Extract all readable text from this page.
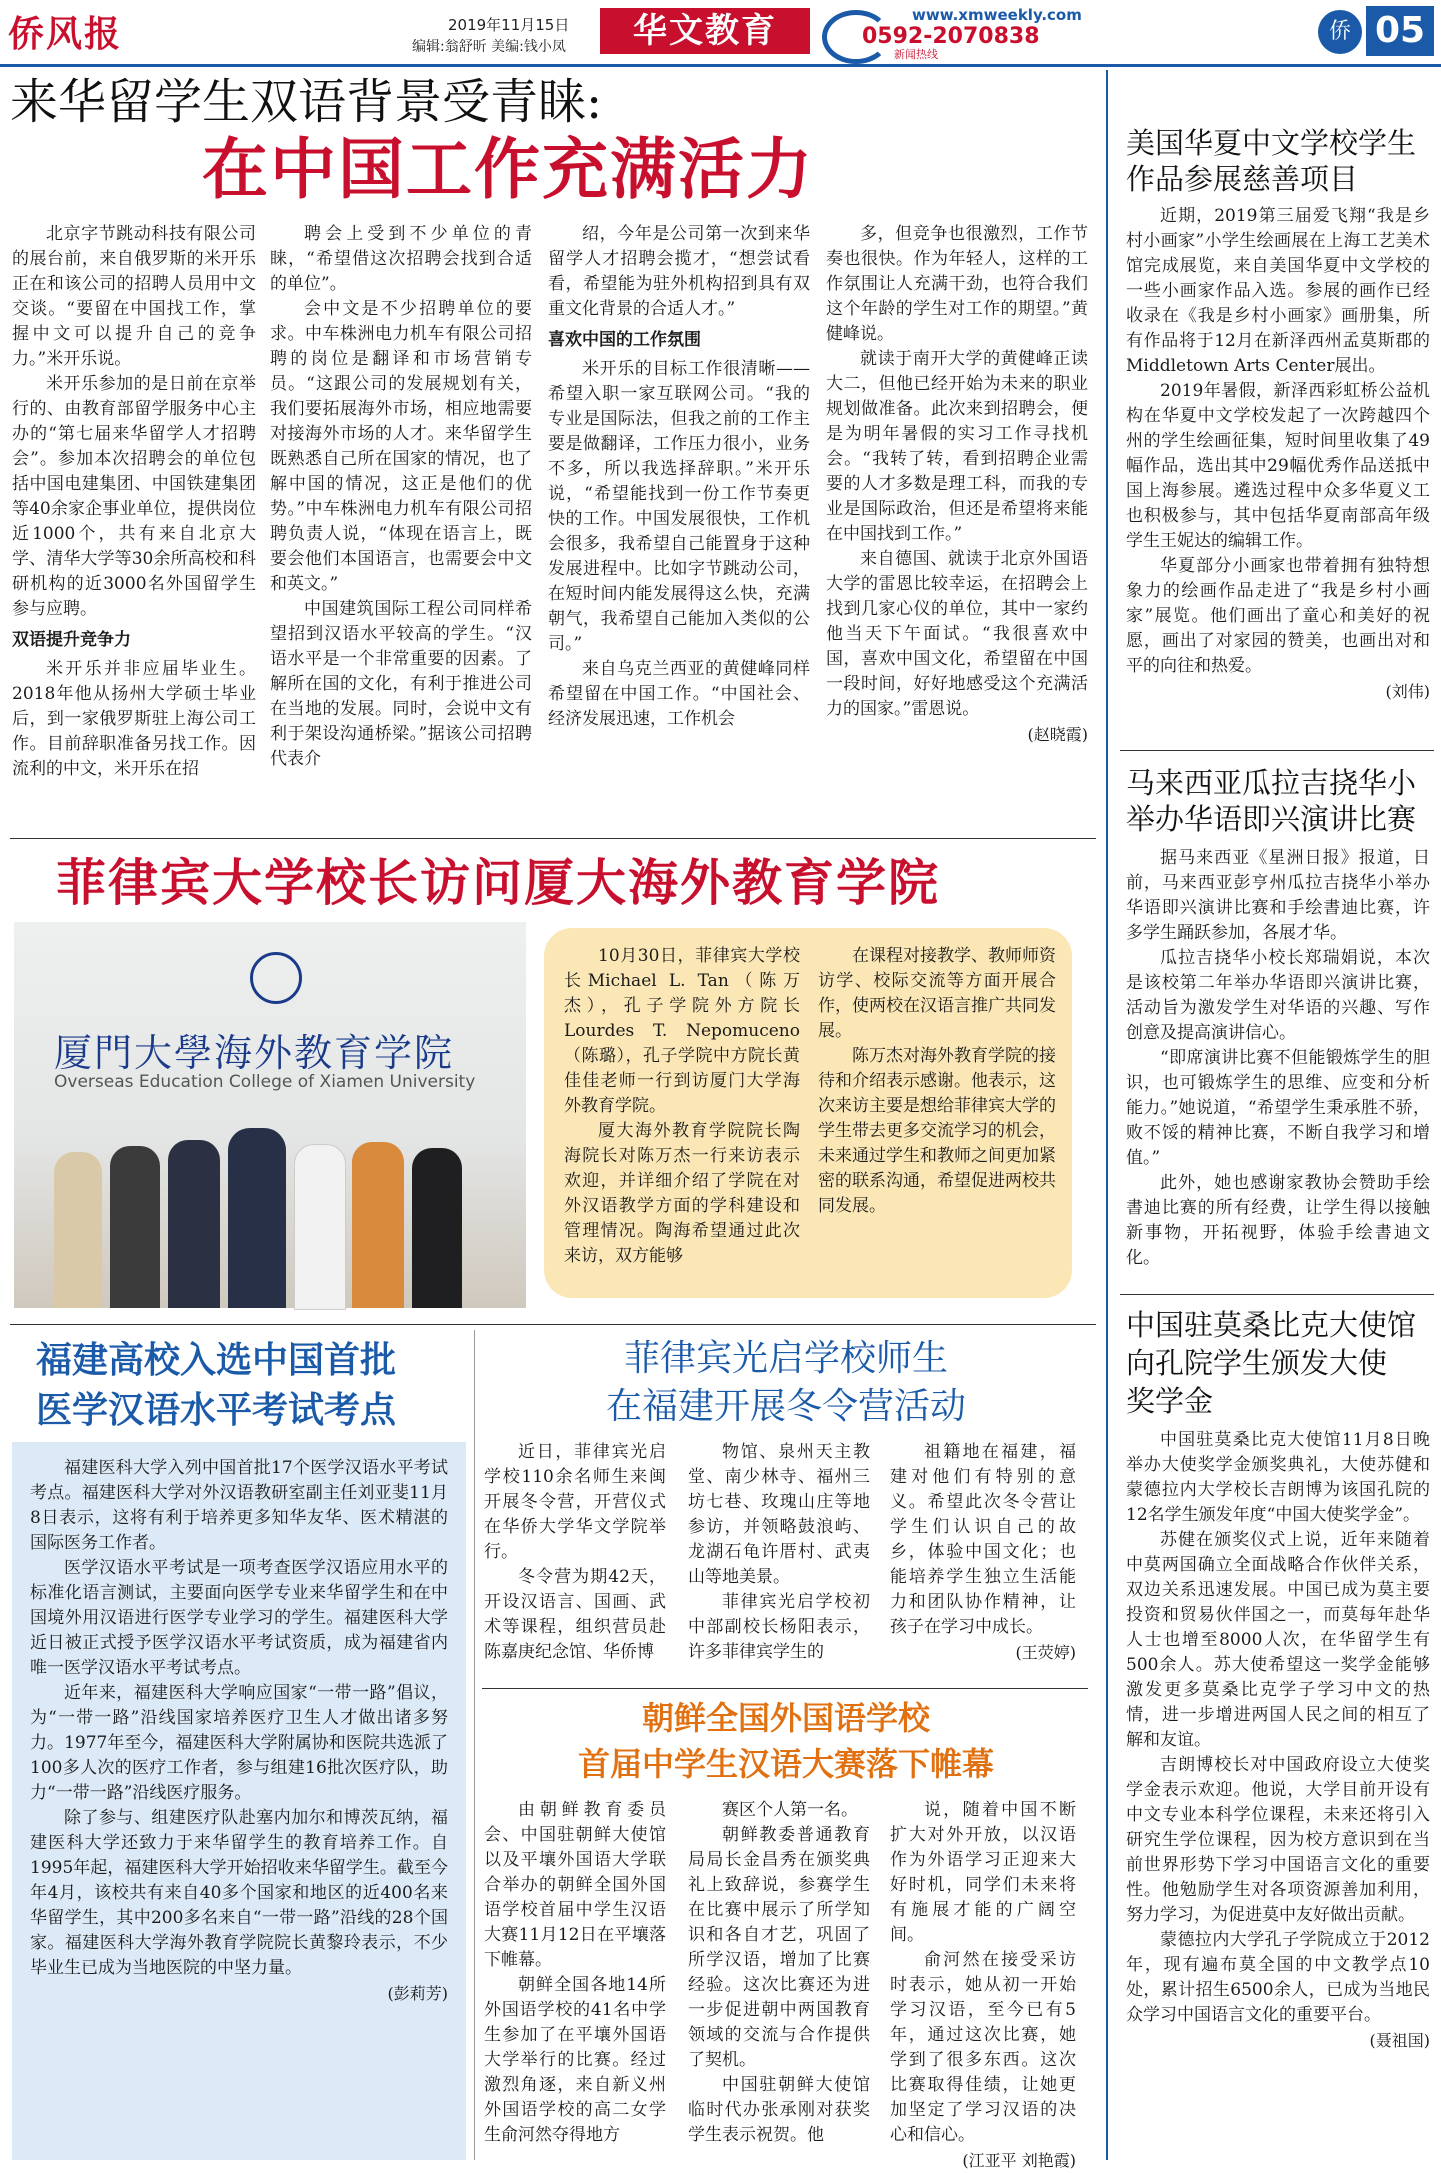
侨风报	2019年11月15日
编辑:翁舒昕 美编:钱小凤	华文教育	www.xmweekly.com
0592-2070838
新闻热线
侨 05
来华留学生双语背景受青睐:
在中国工作充满活力

北京字节跳动科技有限公司的展台前，来自俄罗斯的米开乐正在和该公司的招聘人员用中文交谈。“要留在中国找工作，掌握中文可以提升自己的竞争力。”米开乐说。

米开乐参加的是日前在京举行的、由教育部留学服务中心主办的“第七届来华留学人才招聘会”。参加本次招聘会的单位包括中国电建集团、中国铁建集团等40余家企事业单位，提供岗位近1000个，共有来自北京大学、清华大学等30余所高校和科研机构的近3000名外国留学生参与应聘。

双语提升竞争力

米开乐并非应届毕业生。2018年他从扬州大学硕士毕业后，到一家俄罗斯驻上海公司工作。目前辞职准备另找工作。因流利的中文，米开乐在招

聘会上受到不少单位的青睐，“希望借这次招聘会找到合适的单位”。

会中文是不少招聘单位的要求。中车株洲电力机车有限公司招聘的岗位是翻译和市场营销专员。“这跟公司的发展规划有关，我们要拓展海外市场，相应地需要对接海外市场的人才。来华留学生既熟悉自己所在国家的情况，也了解中国的情况，这正是他们的优势。”中车株洲电力机车有限公司招聘负责人说，“体现在语言上，既要会他们本国语言，也需要会中文和英文。”

中国建筑国际工程公司同样希望招到汉语水平较高的学生。“汉语水平是一个非常重要的因素。了解所在国的文化，有利于推进公司在当地的发展。同时，会说中文有利于架设沟通桥梁。”据该公司招聘代表介

绍，今年是公司第一次到来华留学人才招聘会揽才，“想尝试看看，希望能为驻外机构招到具有双重文化背景的合适人才。”

喜欢中国的工作氛围

米开乐的目标工作很清晰——希望入职一家互联网公司。“我的专业是国际法，但我之前的工作主要是做翻译，工作压力很小，业务不多，所以我选择辞职。”米开乐说，“希望能找到一份工作节奏更快的工作。中国发展很快，工作机会很多，我希望自己能置身于这种发展进程中。比如字节跳动公司，在短时间内能发展得这么快，充满朝气，我希望自己能加入类似的公司。”

来自乌克兰西亚的黄健峰同样希望留在中国工作。“中国社会、经济发展迅速，工作机会

多，但竞争也很激烈，工作节奏也很快。作为年轻人，这样的工作氛围让人充满干劲，也符合我们这个年龄的学生对工作的期望。”黄健峰说。

就读于南开大学的黄健峰正读大二，但他已经开始为未来的职业规划做准备。此次来到招聘会，便是为明年暑假的实习工作寻找机会。“我转了转，看到招聘企业需要的人才多数是理工科，而我的专业是国际政治，但还是希望将来能在中国找到工作。”

来自德国、就读于北京外国语大学的雷恩比较幸运，在招聘会上找到几家心仪的单位，其中一家约他当天下午面试。“我很喜欢中国，喜欢中国文化，希望留在中国一段时间，好好地感受这个充满活力的国家。”雷恩说。

(赵晓霞)

菲律宾大学校长访问厦大海外教育学院
厦門大學海外教育学院
Overseas Education College of Xiamen University

10月30日，菲律宾大学校长Michael L. Tan（陈万杰），孔子学院外方院长Lourdes T. Nepomuceno（陈璐），孔子学院中方院长黄佳佳老师一行到访厦门大学海外教育学院。

厦大海外教育学院院长陶海院长对陈万杰一行来访表示欢迎，并详细介绍了学院在对外汉语教学方面的学科建设和管理情况。陶海希望通过此次来访，双方能够

在课程对接教学、教师师资访学、校际交流等方面开展合作，使两校在汉语言推广共同发展。

陈万杰对海外教育学院的接待和介绍表示感谢。他表示，这次来访主要是想给菲律宾大学的学生带去更多交流学习的机会，未来通过学生和教师之间更加紧密的联系沟通，希望促进两校共同发展。

福建高校入选中国首批
医学汉语水平考试考点

福建医科大学入列中国首批17个医学汉语水平考试考点。福建医科大学对外汉语教研室副主任刘亚斐11月8日表示，这将有利于培养更多知华友华、医术精湛的国际医务工作者。

医学汉语水平考试是一项考查医学汉语应用水平的标准化语言测试，主要面向医学专业来华留学生和在中国境外用汉语进行医学专业学习的学生。福建医科大学近日被正式授予医学汉语水平考试资质，成为福建省内唯一医学汉语水平考试考点。

近年来，福建医科大学响应国家“一带一路”倡议，为“一带一路”沿线国家培养医疗卫生人才做出诸多努力。1977年至今，福建医科大学附属协和医院共选派了100多人次的医疗工作者，参与组建16批次医疗队，助力“一带一路”沿线医疗服务。

除了参与、组建医疗队赴塞内加尔和博茨瓦纳，福建医科大学还致力于来华留学生的教育培养工作。自1995年起，福建医科大学开始招收来华留学生。截至今年4月，该校共有来自40多个国家和地区的近400名来华留学生，其中200多名来自“一带一路”沿线的28个国家。福建医科大学海外教育学院院长黄黎玲表示，不少毕业生已成为当地医院的中坚力量。

(彭莉芳)

菲律宾光启学校师生
在福建开展冬令营活动

近日，菲律宾光启学校110余名师生来闽开展冬令营，开营仪式在华侨大学华文学院举行。

冬令营为期42天，开设汉语言、国画、武术等课程，组织营员赴陈嘉庚纪念馆、华侨博

物馆、泉州天主教堂、南少林寺、福州三坊七巷、玫瑰山庄等地参访，并领略鼓浪屿、龙湖石龟许厝村、武夷山等地美景。

菲律宾光启学校初中部副校长杨阳表示，许多菲律宾学生的

祖籍地在福建，福建对他们有特别的意义。希望此次冬令营让学生们认识自己的故乡，体验中国文化；也能培养学生独立生活能力和团队协作精神，让孩子在学习中成长。

(王荧婷)

朝鲜全国外国语学校
首届中学生汉语大赛落下帷幕

由朝鲜教育委员会、中国驻朝鲜大使馆以及平壤外国语大学联合举办的朝鲜全国外国语学校首届中学生汉语大赛11月12日在平壤落下帷幕。

朝鲜全国各地14所外国语学校的41名中学生参加了在平壤外国语大学举行的比赛。经过激烈角逐，来自新义州外国语学校的高二女学生俞河然夺得地方

赛区个人第一名。

朝鲜教委普通教育局局长金昌秀在颁奖典礼上致辞说，参赛学生在比赛中展示了所学知识和各自才艺，巩固了所学汉语，增加了比赛经验。这次比赛还为进一步促进朝中两国教育领域的交流与合作提供了契机。

中国驻朝鲜大使馆临时代办张承刚对获奖学生表示祝贺。他

说，随着中国不断扩大对外开放，以汉语作为外语学习正迎来大好时机，同学们未来将有施展才能的广阔空间。

俞河然在接受采访时表示，她从初一开始学习汉语，至今已有5年，通过这次比赛，她学到了很多东西。这次比赛取得佳绩，让她更加坚定了学习汉语的决心和信心。

(江亚平 刘艳霞)

美国华夏中文学校学生
作品参展慈善项目

近期，2019第三届爱飞翔“我是乡村小画家”小学生绘画展在上海工艺美术馆完成展览，来自美国华夏中文学校的一些小画家作品入选。参展的画作已经收录在《我是乡村小画家》画册集，所有作品将于12月在新泽西州孟莫斯郡的Middletown Arts Center展出。

2019年暑假，新泽西彩虹桥公益机构在华夏中文学校发起了一次跨越四个州的学生绘画征集，短时间里收集了49幅作品，选出其中29幅优秀作品送抵中国上海参展。遴选过程中众多华夏义工也积极参与，其中包括华夏南部高年级学生王妮达的编辑工作。

华夏部分小画家也带着拥有独特想象力的绘画作品走进了“我是乡村小画家”展览。他们画出了童心和美好的祝愿，画出了对家园的赞美，也画出对和平的向往和热爱。

(刘伟)

马来西亚瓜拉吉挠华小
举办华语即兴演讲比赛

据马来西亚《星洲日报》报道，日前，马来西亚彭亨州瓜拉吉挠华小举办华语即兴演讲比赛和手绘書迪比赛，许多学生踊跃参加，各展才华。

瓜拉吉挠华小校长郑瑞娟说，本次是该校第二年举办华语即兴演讲比赛，活动旨为激发学生对华语的兴趣、写作创意及提高演讲信心。

“即席演讲比赛不但能锻炼学生的胆识，也可锻炼学生的思维、应变和分析能力。”她说道，“希望学生秉承胜不骄，败不馁的精神比赛，不断自我学习和增值。”

此外，她也感谢家教协会赞助手绘書迪比赛的所有经费，让学生得以接触新事物，开拓视野，体验手绘書迪文化。

中国驻莫桑比克大使馆
向孔院学生颁发大使
奖学金

中国驻莫桑比克大使馆11月8日晚举办大使奖学金颁奖典礼，大使苏健和蒙德拉内大学校长吉朗博为该国孔院的12名学生颁发年度“中国大使奖学金”。

苏健在颁奖仪式上说，近年来随着中莫两国确立全面战略合作伙伴关系，双边关系迅速发展。中国已成为莫主要投资和贸易伙伴国之一，而莫每年赴华人士也增至8000人次，在华留学生有500余人。苏大使希望这一奖学金能够激发更多莫桑比克学子学习中文的热情，进一步增进两国人民之间的相互了解和友谊。

吉朗博校长对中国政府设立大使奖学金表示欢迎。他说，大学目前开设有中文专业本科学位课程，未来还将引入研究生学位课程，因为校方意识到在当前世界形势下学习中国语言文化的重要性。他勉励学生对各项资源善加利用，努力学习，为促进莫中友好做出贡献。

蒙德拉内大学孔子学院成立于2012年，现有遍布莫全国的中文教学点10处，累计招生6500余人，已成为当地民众学习中国语言文化的重要平台。

(聂祖国)
